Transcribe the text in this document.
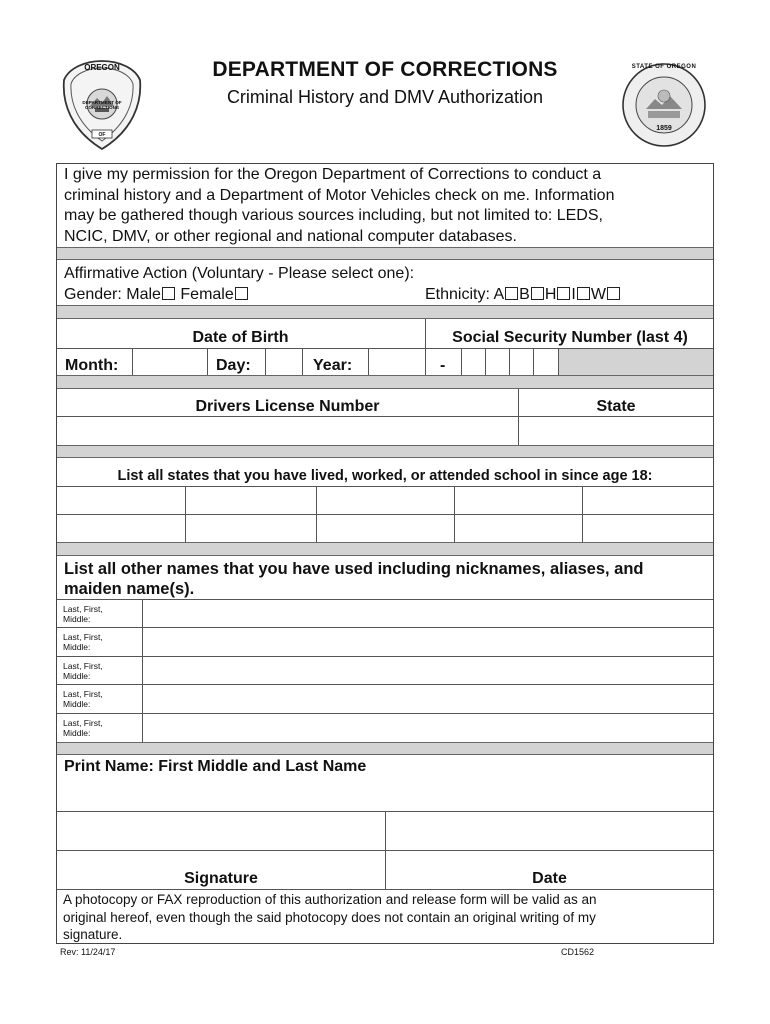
OREGON
DEPARTMENT OF CORRECTIONS
OF
DEPARTMENT OF CORRECTIONS
Criminal History and DMV Authorization
STATE OF OREGON
1859
I give my permission for the Oregon Department of Corrections to conduct a
criminal history and a Department of Motor Vehicles check on me. Information
may be gathered though various sources including, but not limited to: LEDS,
NCIC, DMV, or other regional and national computer databases.
Affirmative Action (Voluntary - Please select one):
Gender: Male Female	Ethnicity: A B H I W
Date of Birth	Social Security Number (last 4)
Month:	Day:	Year:	-
Drivers License Number	State
List all states that you have lived, worked, or attended school in since age 18:
List all other names that you have used including nicknames, aliases, and
maiden name(s).
Last, First,
Middle:
Last, First,
Middle:
Last, First,
Middle:
Last, First,
Middle:
Last, First,
Middle:
Print Name: First Middle and Last Name
Signature	Date
A photocopy or FAX reproduction of this authorization and release form will be valid as an
original hereof, even though the said photocopy does not contain an original writing of my
signature.
Rev: 11/24/17	CD1562
